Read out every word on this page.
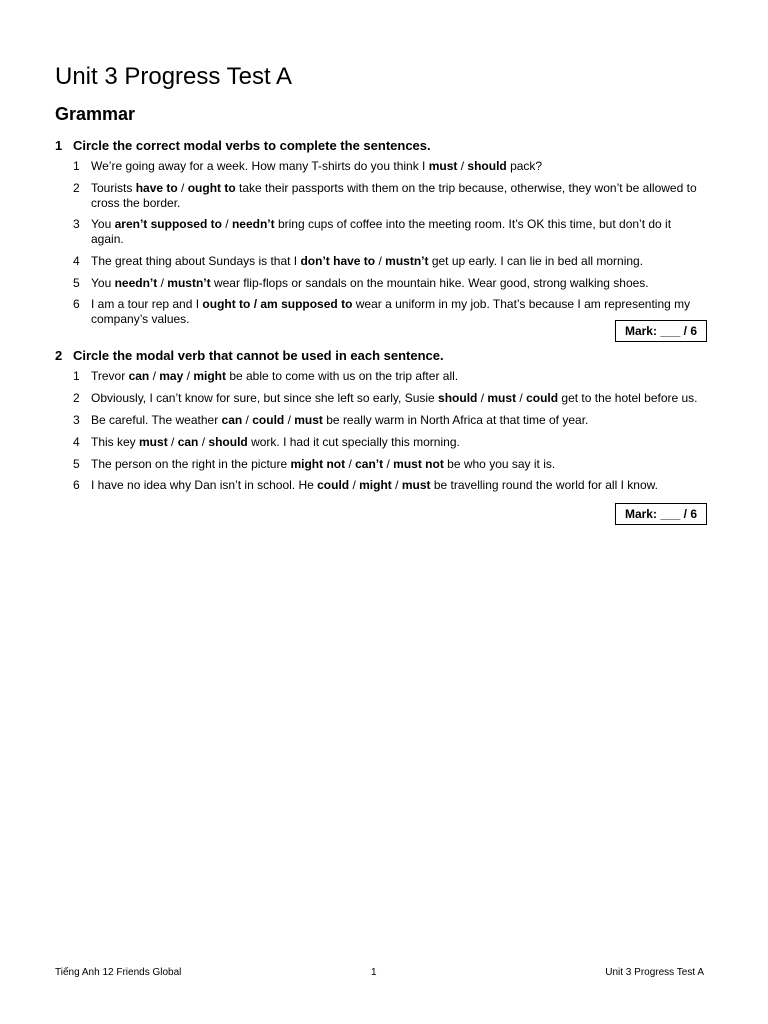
Unit 3 Progress Test A
Grammar
1 Circle the correct modal verbs to complete the sentences.
1 We’re going away for a week. How many T-shirts do you think I must / should pack?
2 Tourists have to / ought to take their passports with them on the trip because, otherwise, they won’t be allowed to cross the border.
3 You aren’t supposed to / needn’t bring cups of coffee into the meeting room. It’s OK this time, but don’t do it again.
4 The great thing about Sundays is that I don’t have to / mustn’t get up early. I can lie in bed all morning.
5 You needn’t / mustn’t wear flip-flops or sandals on the mountain hike. Wear good, strong walking shoes.
6 I am a tour rep and I ought to / am supposed to wear a uniform in my job. That’s because I am representing my company’s values.
Mark: ___ / 6
2 Circle the modal verb that cannot be used in each sentence.
1 Trevor can / may / might be able to come with us on the trip after all.
2 Obviously, I can’t know for sure, but since she left so early, Susie should / must / could get to the hotel before us.
3 Be careful. The weather can / could / must be really warm in North Africa at that time of year.
4 This key must / can / should work. I had it cut specially this morning.
5 The person on the right in the picture might not / can’t / must not be who you say it is.
6 I have no idea why Dan isn’t in school. He could / might / must be travelling round the world for all I know.
Mark: ___ / 6
Tiếng Anh 12 Friends Global	1	Unit 3 Progress Test A
